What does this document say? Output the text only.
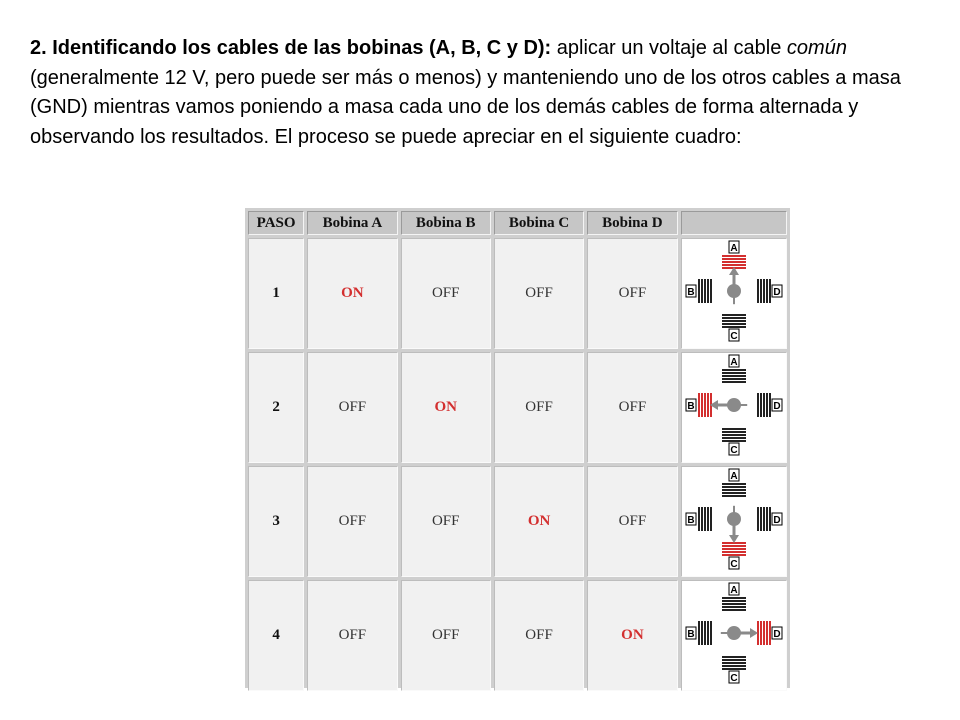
2. Identificando los cables de las bobinas (A, B, C y D): aplicar un voltaje al cable común (generalmente 12 V, pero puede ser más o menos) y manteniendo uno de los otros cables a masa (GND) mientras vamos poniendo a masa cada uno de los demás cables de forma alternada y observando los resultados. El proceso se puede apreciar en el siguiente cuadro:
PASO	Bobina A	Bobina B	Bobina C	Bobina D	
1	ON	OFF	OFF	OFF	A
C
B D

2	OFF	ON	OFF	OFF	A
C
B D

3	OFF	OFF	ON	OFF	A
C
B D

4	OFF	OFF	OFF	ON	A
C
B D
